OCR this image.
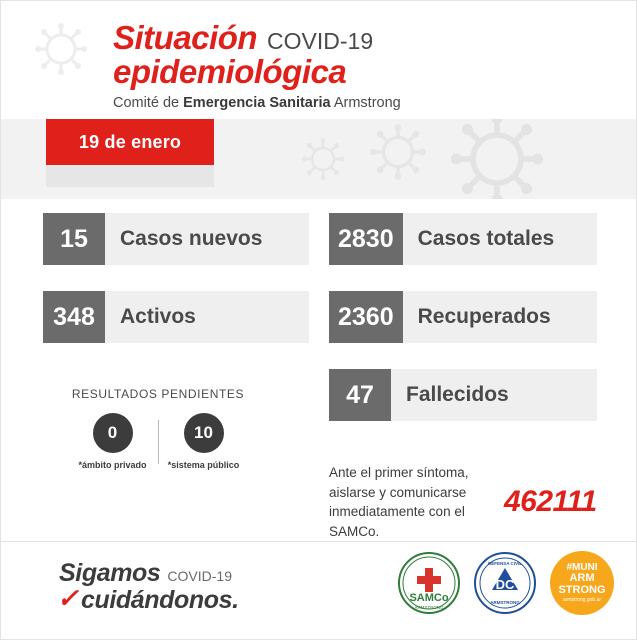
Situación COVID-19
epidemiológica
Comité de Emergencia Sanitaria Armstrong
19 de enero
15	Casos nuevos
348	Activos
2830	Casos totales
2360	Recuperados
47	Fallecidos
RESULTADOS PENDIENTES
0
*ámbito privado
10
*sistema público	Ante el primer síntoma, aislarse y comunicarse inmediatamente con el SAMCo.
462111
Sigamos COVID-19
✓ cuidándonos.	SAMCo
ARMSTRONG
DC
DEFENSA CIVIL
ARMSTRONG
#MUNI
ARM
STRONG
armstrong.gob.ar
